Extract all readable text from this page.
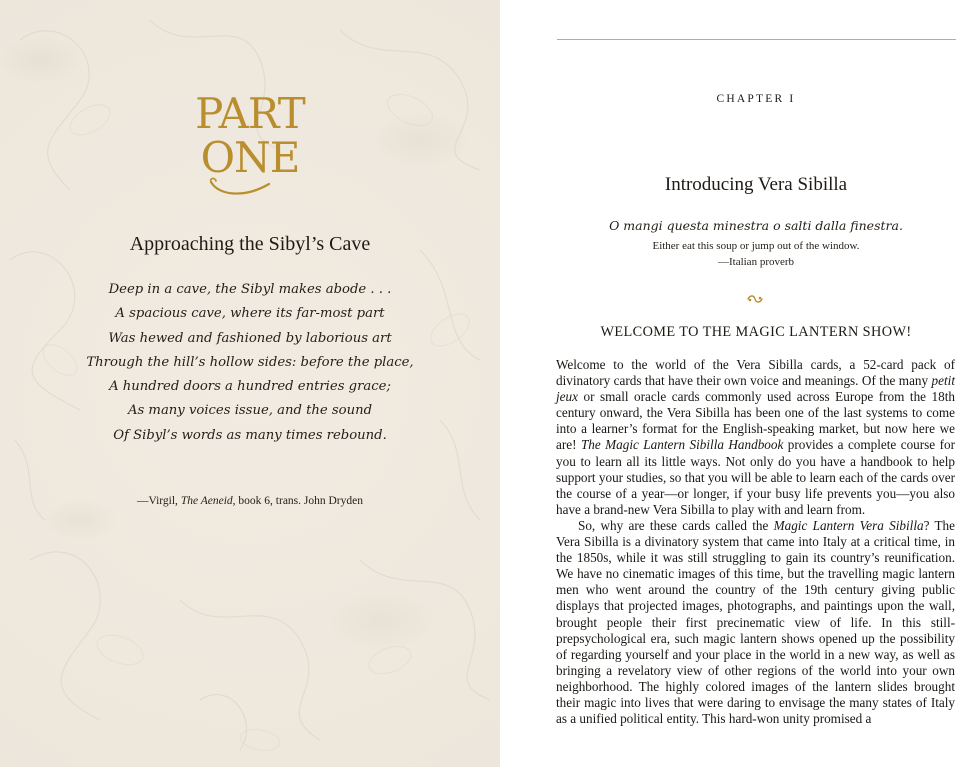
PART
ONE
Approaching the Sibyl’s Cave
Deep in a cave, the Sibyl makes abode . . .
A spacious cave, where its far-most part
Was hewed and fashioned by laborious art
Through the hill’s hollow sides: before the place,
A hundred doors a hundred entries grace;
As many voices issue, and the sound
Of Sibyl’s words as many times rebound.
—Virgil, The Aeneid, book 6, trans. John Dryden
CHAPTER I
Introducing Vera Sibilla
O mangi questa minestra o salti dalla finestra.
Either eat this soup or jump out of the window.
—Italian proverb
WELCOME TO THE MAGIC LANTERN SHOW!

Welcome to the world of the Vera Sibilla cards, a 52-card pack of divinatory cards that have their own voice and meanings. Of the many petit jeux or small oracle cards commonly used across Europe from the 18th century onward, the Vera Sibilla has been one of the last systems to come into a learner’s format for the English-speaking market, but now here we are! The Magic Lantern Sibilla Handbook provides a complete course for you to learn all its little ways. Not only do you have a handbook to help support your studies, so that you will be able to learn each of the cards over the course of a year—or longer, if your busy life prevents you—you also have a brand-new Vera Sibilla to play with and learn from.

So, why are these cards called the Magic Lantern Vera Sibilla? The Vera Sibilla is a divinatory system that came into Italy at a critical time, in the 1850s, while it was still struggling to gain its country’s reunification. We have no cinematic images of this time, but the travelling magic lantern men who went around the country of the 19th century giving public displays that projected images, photographs, and paintings upon the wall, brought people their first precinematic view of life. In this still-prepsychological era, such magic lantern shows opened up the possibility of regarding yourself and your place in the world in a new way, as well as bringing a revelatory view of other regions of the world into your own neighborhood. The highly colored images of the lantern slides brought their magic into lives that were daring to envisage the many states of Italy as a unified political entity. This hard-won unity promised a
